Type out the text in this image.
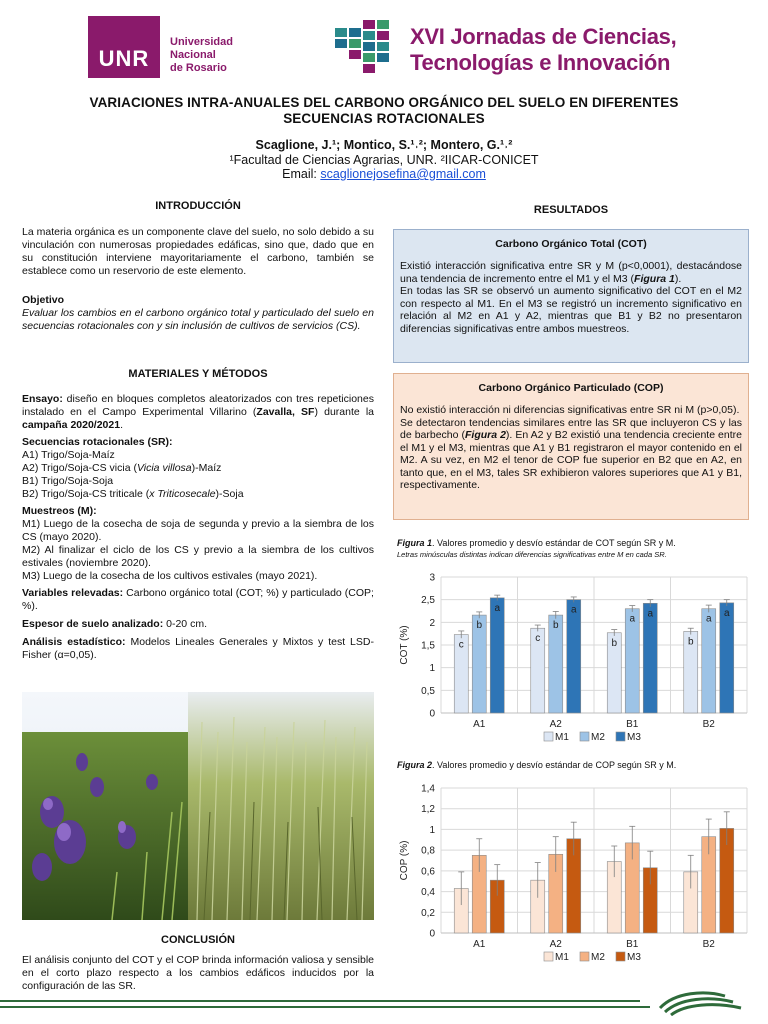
UNR
Universidad
Nacional
de Rosario
XVI Jornadas de Ciencias,
Tecnologías e Innovación
VARIACIONES INTRA-ANUALES DEL CARBONO ORGÁNICO DEL SUELO EN DIFERENTES
SECUENCIAS ROTACIONALES
Scaglione, J.¹; Montico, S.¹˒²; Montero, G.¹˒²
¹Facultad de Ciencias Agrarias, UNR. ²IICAR-CONICET
Email: scaglionejosefina@gmail.com
INTRODUCCIÓN
La materia orgánica es un componente clave del suelo, no solo debido a su vinculación con numerosas propiedades edáficas, sino que, dado que en su constitución interviene mayoritariamente el carbono, también se establece como un reservorio de este elemento.
Objetivo
Evaluar los cambios en el carbono orgánico total y particulado del suelo en secuencias rotacionales con y sin inclusión de cultivos de servicios (CS).
MATERIALES Y MÉTODOS
Ensayo: diseño en bloques completos aleatorizados con tres repeticiones instalado en el Campo Experimental Villarino (Zavalla, SF) durante la campaña 2020/2021.
Secuencias rotacionales (SR):
A1) Trigo/Soja-Maíz
A2) Trigo/Soja-CS vicia (Vicia villosa)-Maíz
B1) Trigo/Soja-Soja
B2) Trigo/Soja-CS triticale (x Triticosecale)-Soja
Muestreos (M):
M1) Luego de la cosecha de soja de segunda y previo a la siembra de los CS (mayo 2020).
M2) Al finalizar el ciclo de los CS y previo a la siembra de los cultivos estivales (noviembre 2020).
M3) Luego de la cosecha de los cultivos estivales (mayo 2021).
Variables relevadas: Carbono orgánico total (COT; %) y particulado (COP; %).
Espesor de suelo analizado: 0-20 cm.
Análisis estadístico: Modelos Lineales Generales y Mixtos y test LSD-Fisher (α=0,05).
CONCLUSIÓN
El análisis conjunto del COT y el COP brinda información valiosa y sensible en el corto plazo respecto a los cambios edáficos inducidos por la configuración de las SR.
RESULTADOS
Carbono Orgánico Total (COT)
Existió interacción significativa entre SR y M (p<0,0001), destacándose una tendencia de incremento entre el M1 y el M3 (Figura 1).
En todas las SR se observó un aumento significativo del COT en el M2 con respecto al M1. En el M3 se registró un incremento significativo en relación al M2 en A1 y A2, mientras que B1 y B2 no presentaron diferencias significativas entre ambos muestreos.
Carbono Orgánico Particulado (COP)
No existió interacción ni diferencias significativas entre SR ni M (p>0,05).
Se detectaron tendencias similares entre las SR que incluyeron CS y las de barbecho (Figura 2). En A2 y B2 existió una tendencia creciente entre el M1 y el M3, mientras que A1 y B1 registraron el mayor contenido en el M2. A su vez, en M2 el tenor de COP fue superior en B2 que en A2, en tanto que, en el M3, tales SR exhibieron valores superiores que A1 y B1, respectivamente.
Figura 1. Valores promedio y desvío estándar de COT según SR y M.
Letras minúsculas distintas indican diferencias significativas entre M en cada SR.
0
0,5
1
1,5
2
2,5
3
COT (%)	c
b
a
A1
c
b
a
A2
b
a a
B1
b
a
a
B2
M1 M2 M3
Figura 2. Valores promedio y desvío estándar de COP según SR y M.
0
0,2
0,4
0,6
0,8
1
1,2
1,4
COP (%)
A1	A2	B1	B2
M1 M2 M3
